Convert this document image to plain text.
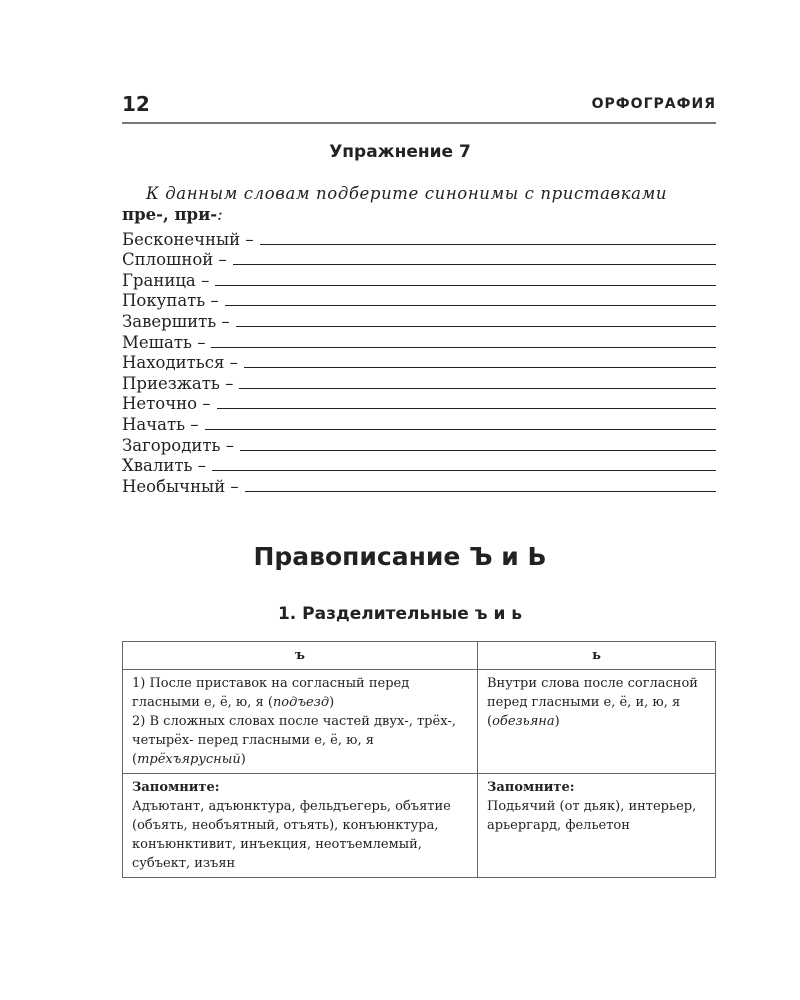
12	ОРФОГРАФИЯ
Упражнение 7
К данным словам подберите синонимы с приставками
пре-, при-:
Бесконечный –
Сплошной –
Граница –
Покупать –
Завершить –
Мешать –
Находиться –
Приезжать –
Неточно –
Начать –
Загородить –
Хвалить –
Необычный –
Правописание Ъ и Ь
1. Разделительные ъ и ь
ъ	ь
1) После приставок на согласный перед гласными е, ё, ю, я (подъезд)
2) В сложных словах после частей двух-, трёх-, четырёх- перед гласными е, ё, ю, я (трёхъярусный)	Внутри слова после согласной перед гласными е, ё, и, ю, я (обезьяна)
Запомните:
Адъютант, адъюнктура, фельдъегерь, объятие (объять, необъятный, отъять), конъюнктура, конъюнктивит, инъекция, неотъемлемый, субъект, изъян	Запомните:
Подьячий (от дьяк), интерьер, арьергард, фельетон
